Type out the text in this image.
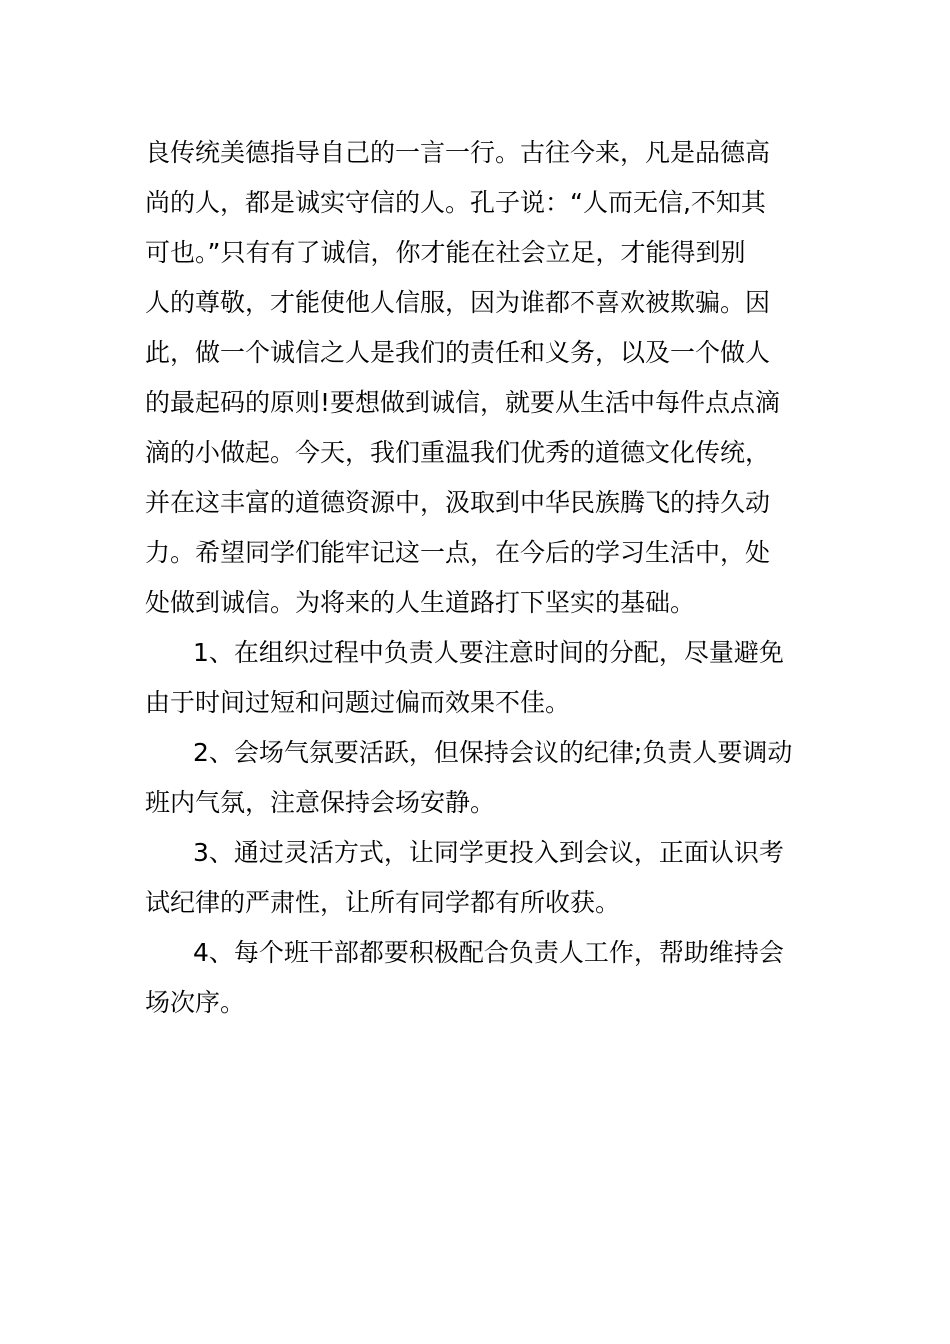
良传统美德指导自己的一言一行。古往今来，凡是品德高
尚的人，都是诚实守信的人。孔子说：“人而无信,不知其
可也。”只有有了诚信，你才能在社会立足，才能得到别
人的尊敬，才能使他人信服，因为谁都不喜欢被欺骗。因
此，做一个诚信之人是我们的责任和义务，以及一个做人
的最起码的原则!要想做到诚信，就要从生活中每件点点滴
滴的小做起。今天，我们重温我们优秀的道德文化传统，
并在这丰富的道德资源中，汲取到中华民族腾飞的持久动
力。希望同学们能牢记这一点，在今后的学习生活中，处
处做到诚信。为将来的人生道路打下坚实的基础。
1、在组织过程中负责人要注意时间的分配，尽量避免
由于时间过短和问题过偏而效果不佳。
2、会场气氛要活跃，但保持会议的纪律;负责人要调动
班内气氛，注意保持会场安静。
3、通过灵活方式，让同学更投入到会议，正面认识考
试纪律的严肃性，让所有同学都有所收获。
4、每个班干部都要积极配合负责人工作，帮助维持会
场次序。
